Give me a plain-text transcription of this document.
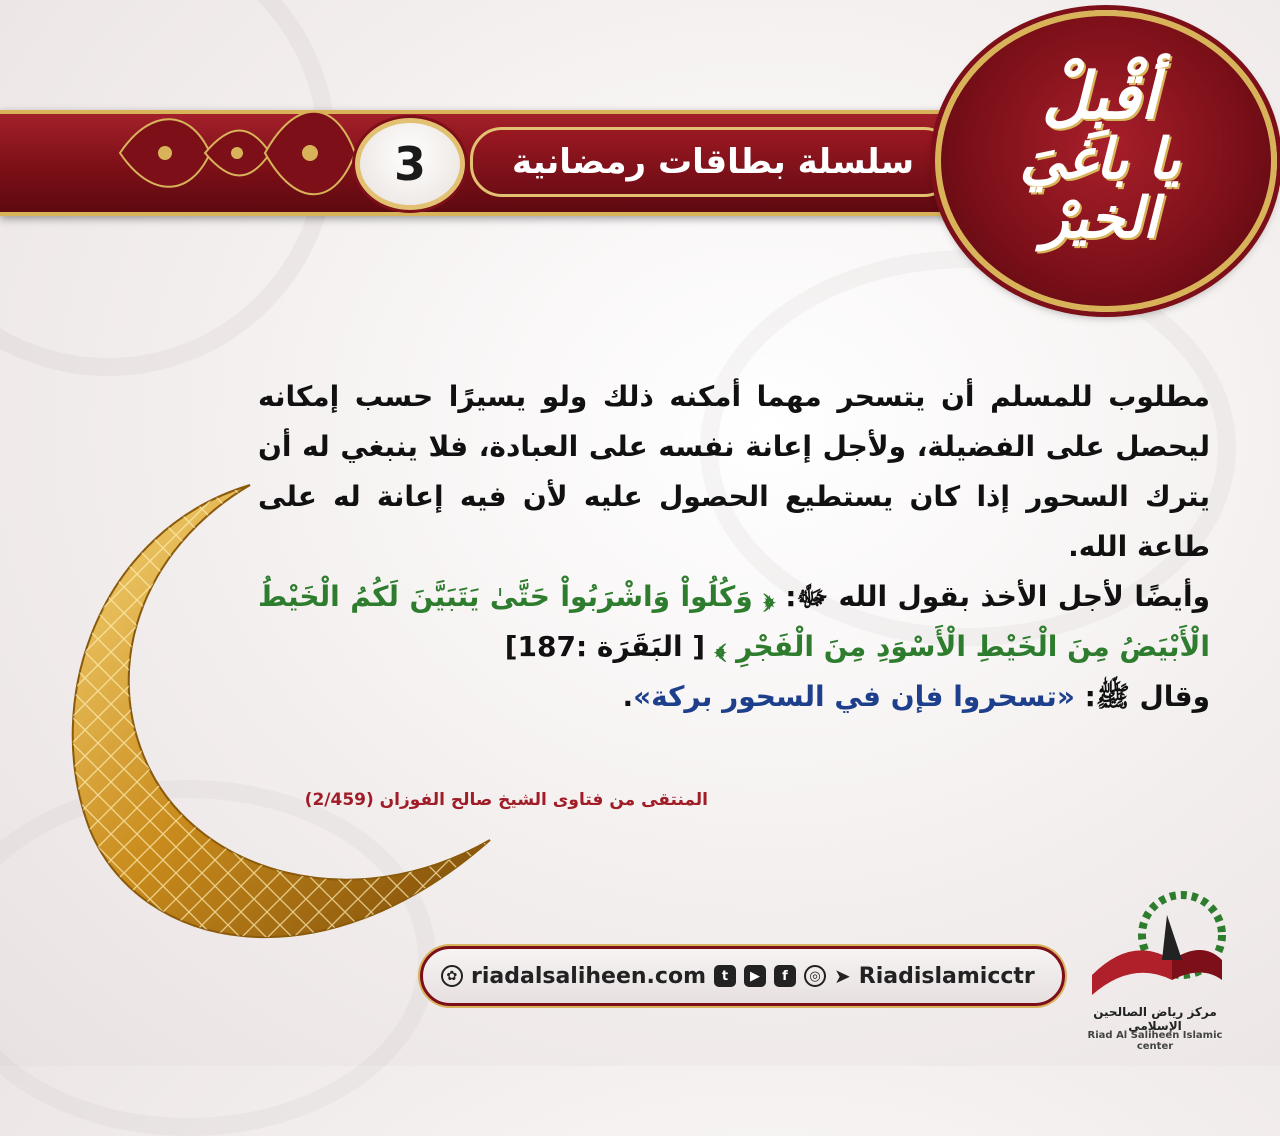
3	سلسلة بطاقات رمضانية
أقْبِلْ
يا باغيَ الخيرْ

مطلوب للمسلم أن يتسحر مهما أمكنه ذلك ولو يسيرًا حسب إمكانه ليحصل على الفضيلة، ولأجل إعانة نفسه على العبادة، فلا ينبغي له أن يترك السحور إذا كان يستطيع الحصول عليه لأن فيه إعانة له على طاعة الله.

وأيضًا لأجل الأخذ بقول الله ﷻ: ﴿ وَكُلُواْ وَاشْرَبُواْ حَتَّىٰ يَتَبَيَّنَ لَكُمُ الْخَيْطُ الْأَبْيَضُ مِنَ الْخَيْطِ الْأَسْوَدِ مِنَ الْفَجْرِ ﴾ [ البَقَرَة :187]

وقال ﷺ: «تسحروا فإن في السحور بركة».

المنتقى من فتاوى الشيخ صالح الفوزان (2/459)
✿ riadalsaliheen.com	t	▶	f	◎ ➤ Riadislamicctr
مركز رياض الصالحين الإسلامي
Riad Al Saliheen Islamic center
